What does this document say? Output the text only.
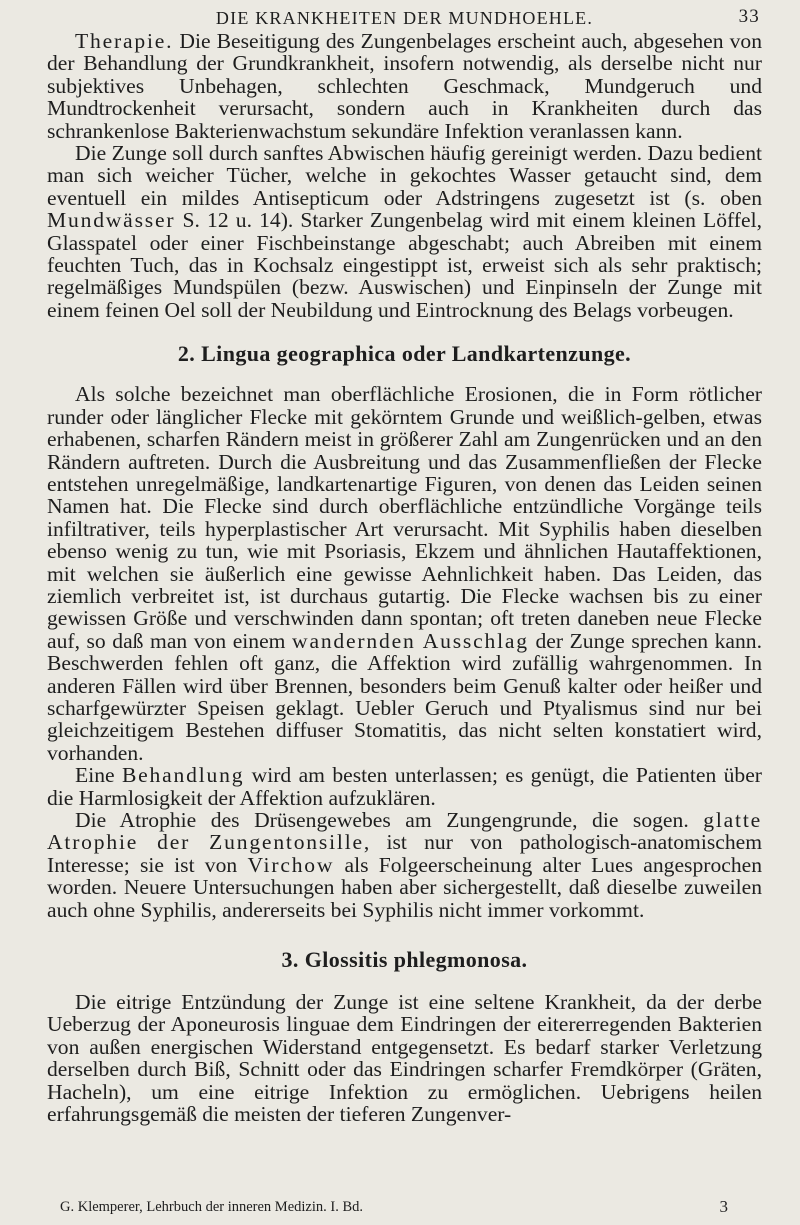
DIE KRANKHEITEN DER MUNDHOEHLE.	33

Therapie. Die Beseitigung des Zungenbelages erscheint auch, abgesehen von der Behandlung der Grundkrankheit, insofern notwendig, als derselbe nicht nur subjektives Unbehagen, schlechten Geschmack, Mundgeruch und Mundtrockenheit verursacht, sondern auch in Krankheiten durch das schrankenlose Bakterienwachstum sekundäre Infektion veranlassen kann.

Die Zunge soll durch sanftes Abwischen häufig gereinigt werden. Dazu bedient man sich weicher Tücher, welche in gekochtes Wasser getaucht sind, dem eventuell ein mildes Antisepticum oder Adstringens zugesetzt ist (s. oben Mundwässer S. 12 u. 14). Starker Zungenbelag wird mit einem kleinen Löffel, Glasspatel oder einer Fischbeinstange abgeschabt; auch Abreiben mit einem feuchten Tuch, das in Kochsalz eingestippt ist, erweist sich als sehr praktisch; regelmäßiges Mundspülen (bezw. Auswischen) und Einpinseln der Zunge mit einem feinen Oel soll der Neubildung und Eintrocknung des Belags vorbeugen.

2. Lingua geographica oder Landkartenzunge.

Als solche bezeichnet man oberflächliche Erosionen, die in Form rötlicher runder oder länglicher Flecke mit gekörntem Grunde und weißlich-gelben, etwas erhabenen, scharfen Rändern meist in größerer Zahl am Zungenrücken und an den Rändern auftreten. Durch die Ausbreitung und das Zusammenfließen der Flecke entstehen unregelmäßige, landkartenartige Figuren, von denen das Leiden seinen Namen hat. Die Flecke sind durch oberflächliche entzündliche Vorgänge teils infiltrativer, teils hyperplastischer Art verursacht. Mit Syphilis haben dieselben ebenso wenig zu tun, wie mit Psoriasis, Ekzem und ähnlichen Hautaffektionen, mit welchen sie äußerlich eine gewisse Aehnlichkeit haben. Das Leiden, das ziemlich verbreitet ist, ist durchaus gutartig. Die Flecke wachsen bis zu einer gewissen Größe und verschwinden dann spontan; oft treten daneben neue Flecke auf, so daß man von einem wandernden Ausschlag der Zunge sprechen kann. Beschwerden fehlen oft ganz, die Affektion wird zufällig wahrgenommen. In anderen Fällen wird über Brennen, besonders beim Genuß kalter oder heißer und scharfgewürzter Speisen geklagt. Uebler Geruch und Ptyalismus sind nur bei gleichzeitigem Bestehen diffuser Stomatitis, das nicht selten konstatiert wird, vorhanden.

Eine Behandlung wird am besten unterlassen; es genügt, die Patienten über die Harmlosigkeit der Affektion aufzuklären.

Die Atrophie des Drüsengewebes am Zungengrunde, die sogen. glatte Atrophie der Zungentonsille, ist nur von pathologisch-anatomischem Interesse; sie ist von Virchow als Folgeerscheinung alter Lues angesprochen worden. Neuere Untersuchungen haben aber sichergestellt, daß dieselbe zuweilen auch ohne Syphilis, andererseits bei Syphilis nicht immer vorkommt.

3. Glossitis phlegmonosa.

Die eitrige Entzündung der Zunge ist eine seltene Krankheit, da der derbe Ueberzug der Aponeurosis linguae dem Eindringen der eitererregenden Bakterien von außen energischen Widerstand entgegensetzt. Es bedarf starker Verletzung derselben durch Biß, Schnitt oder das Eindringen scharfer Fremdkörper (Gräten, Hacheln), um eine eitrige Infektion zu ermöglichen. Uebrigens heilen erfahrungsgemäß die meisten der tieferen Zungenver-

G. Klemperer, Lehrbuch der inneren Medizin. I. Bd.	3
